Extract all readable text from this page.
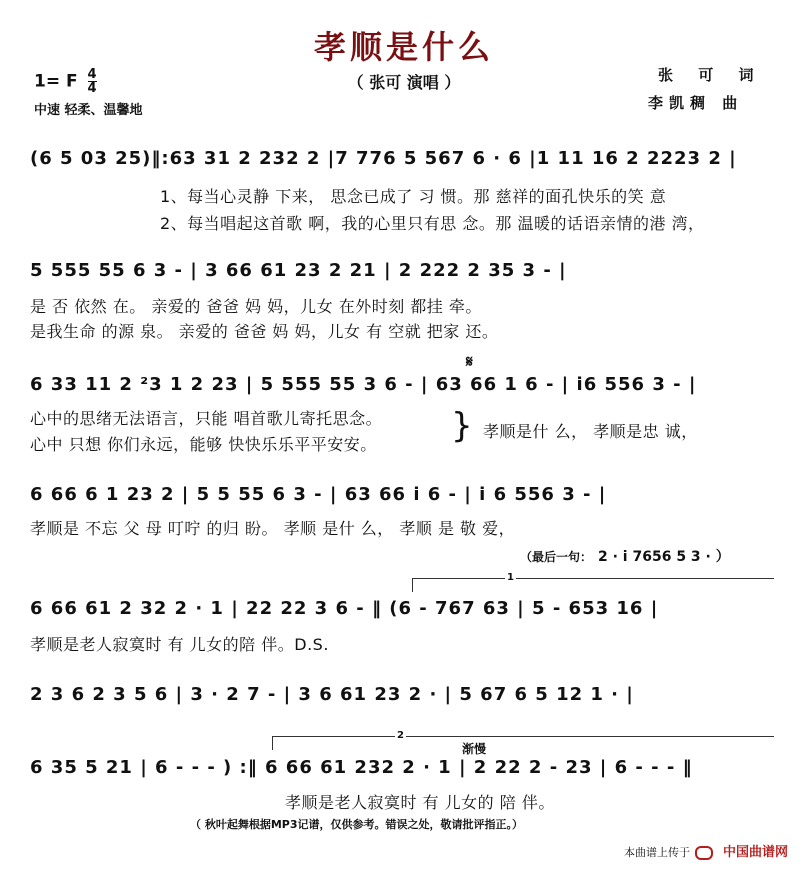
孝顺是什么
（ 张可 演唱 ）
1= F $\frac{4}{4}$
中速 轻柔、温馨地
张 可 词
李凯稠 曲
(6 5 03 25)‖:63 31 2 232 2 |7 776 5 567 6 · 6 |1 11 16 2 2223 2 |
1、每当心灵静 下来， 思念已成了 习 惯。那 慈祥的面孔快乐的笑 意
2、每当唱起这首歌 啊，我的心里只有思 念。那 温暖的话语亲情的港 湾，
5 555 55 6 3 - | 3 66 61 23 2 21 | 2 222 2 35 3 - |
是 否 依然 在。 亲爱的 爸爸 妈 妈，儿女 在外时刻 都挂 牵。
是我生命 的源 泉。 亲爱的 爸爸 妈 妈，儿女 有 空就 把家 还。
𝄋
6 33 11 2 ²3 1 2 23 | 5 555 55 3 6 - | 63 66 1 6 - | i6 556 3 - |
心中的思绪无法语言，只能 唱首歌儿寄托思念。
心中 只想 你们永远，能够 快快乐乐平平安安。 } 孝顺是什 么， 孝顺是忠 诚，
6 66 6 1 23 2 | 5 5 55 6 3 - | 63 66 i 6 - | i 6 556 3 - |
孝顺是 不忘 父 母 叮咛 的归 盼。 孝顺 是什 么， 孝顺 是 敬 爱，
（最后一句： 2 · i 7656 5 3 · ）
1
6 66 61 2 32 2 · 1 | 22 22 3 6 - ‖ (6 - 767 63 | 5 - 653 16 |
孝顺是老人寂寞时 有 儿女的陪 伴。D.S.
2 3 6 2 3 5 6 | 3 · 2 7 - | 3 6 61 23 2 · | 5 67 6 5 12 1 · |
2
渐慢
6 35 5 21 | 6 - - - ) :‖ 6 66 61 232 2 · 1 | 2 22 2 - 23 | 6 - - - ‖
孝顺是老人寂寞时 有 儿女的 陪 伴。
（ 秋叶起舞根据MP3记谱，仅供参考。错误之处，敬请批评指正。）
本曲谱上传于	中国曲谱网
